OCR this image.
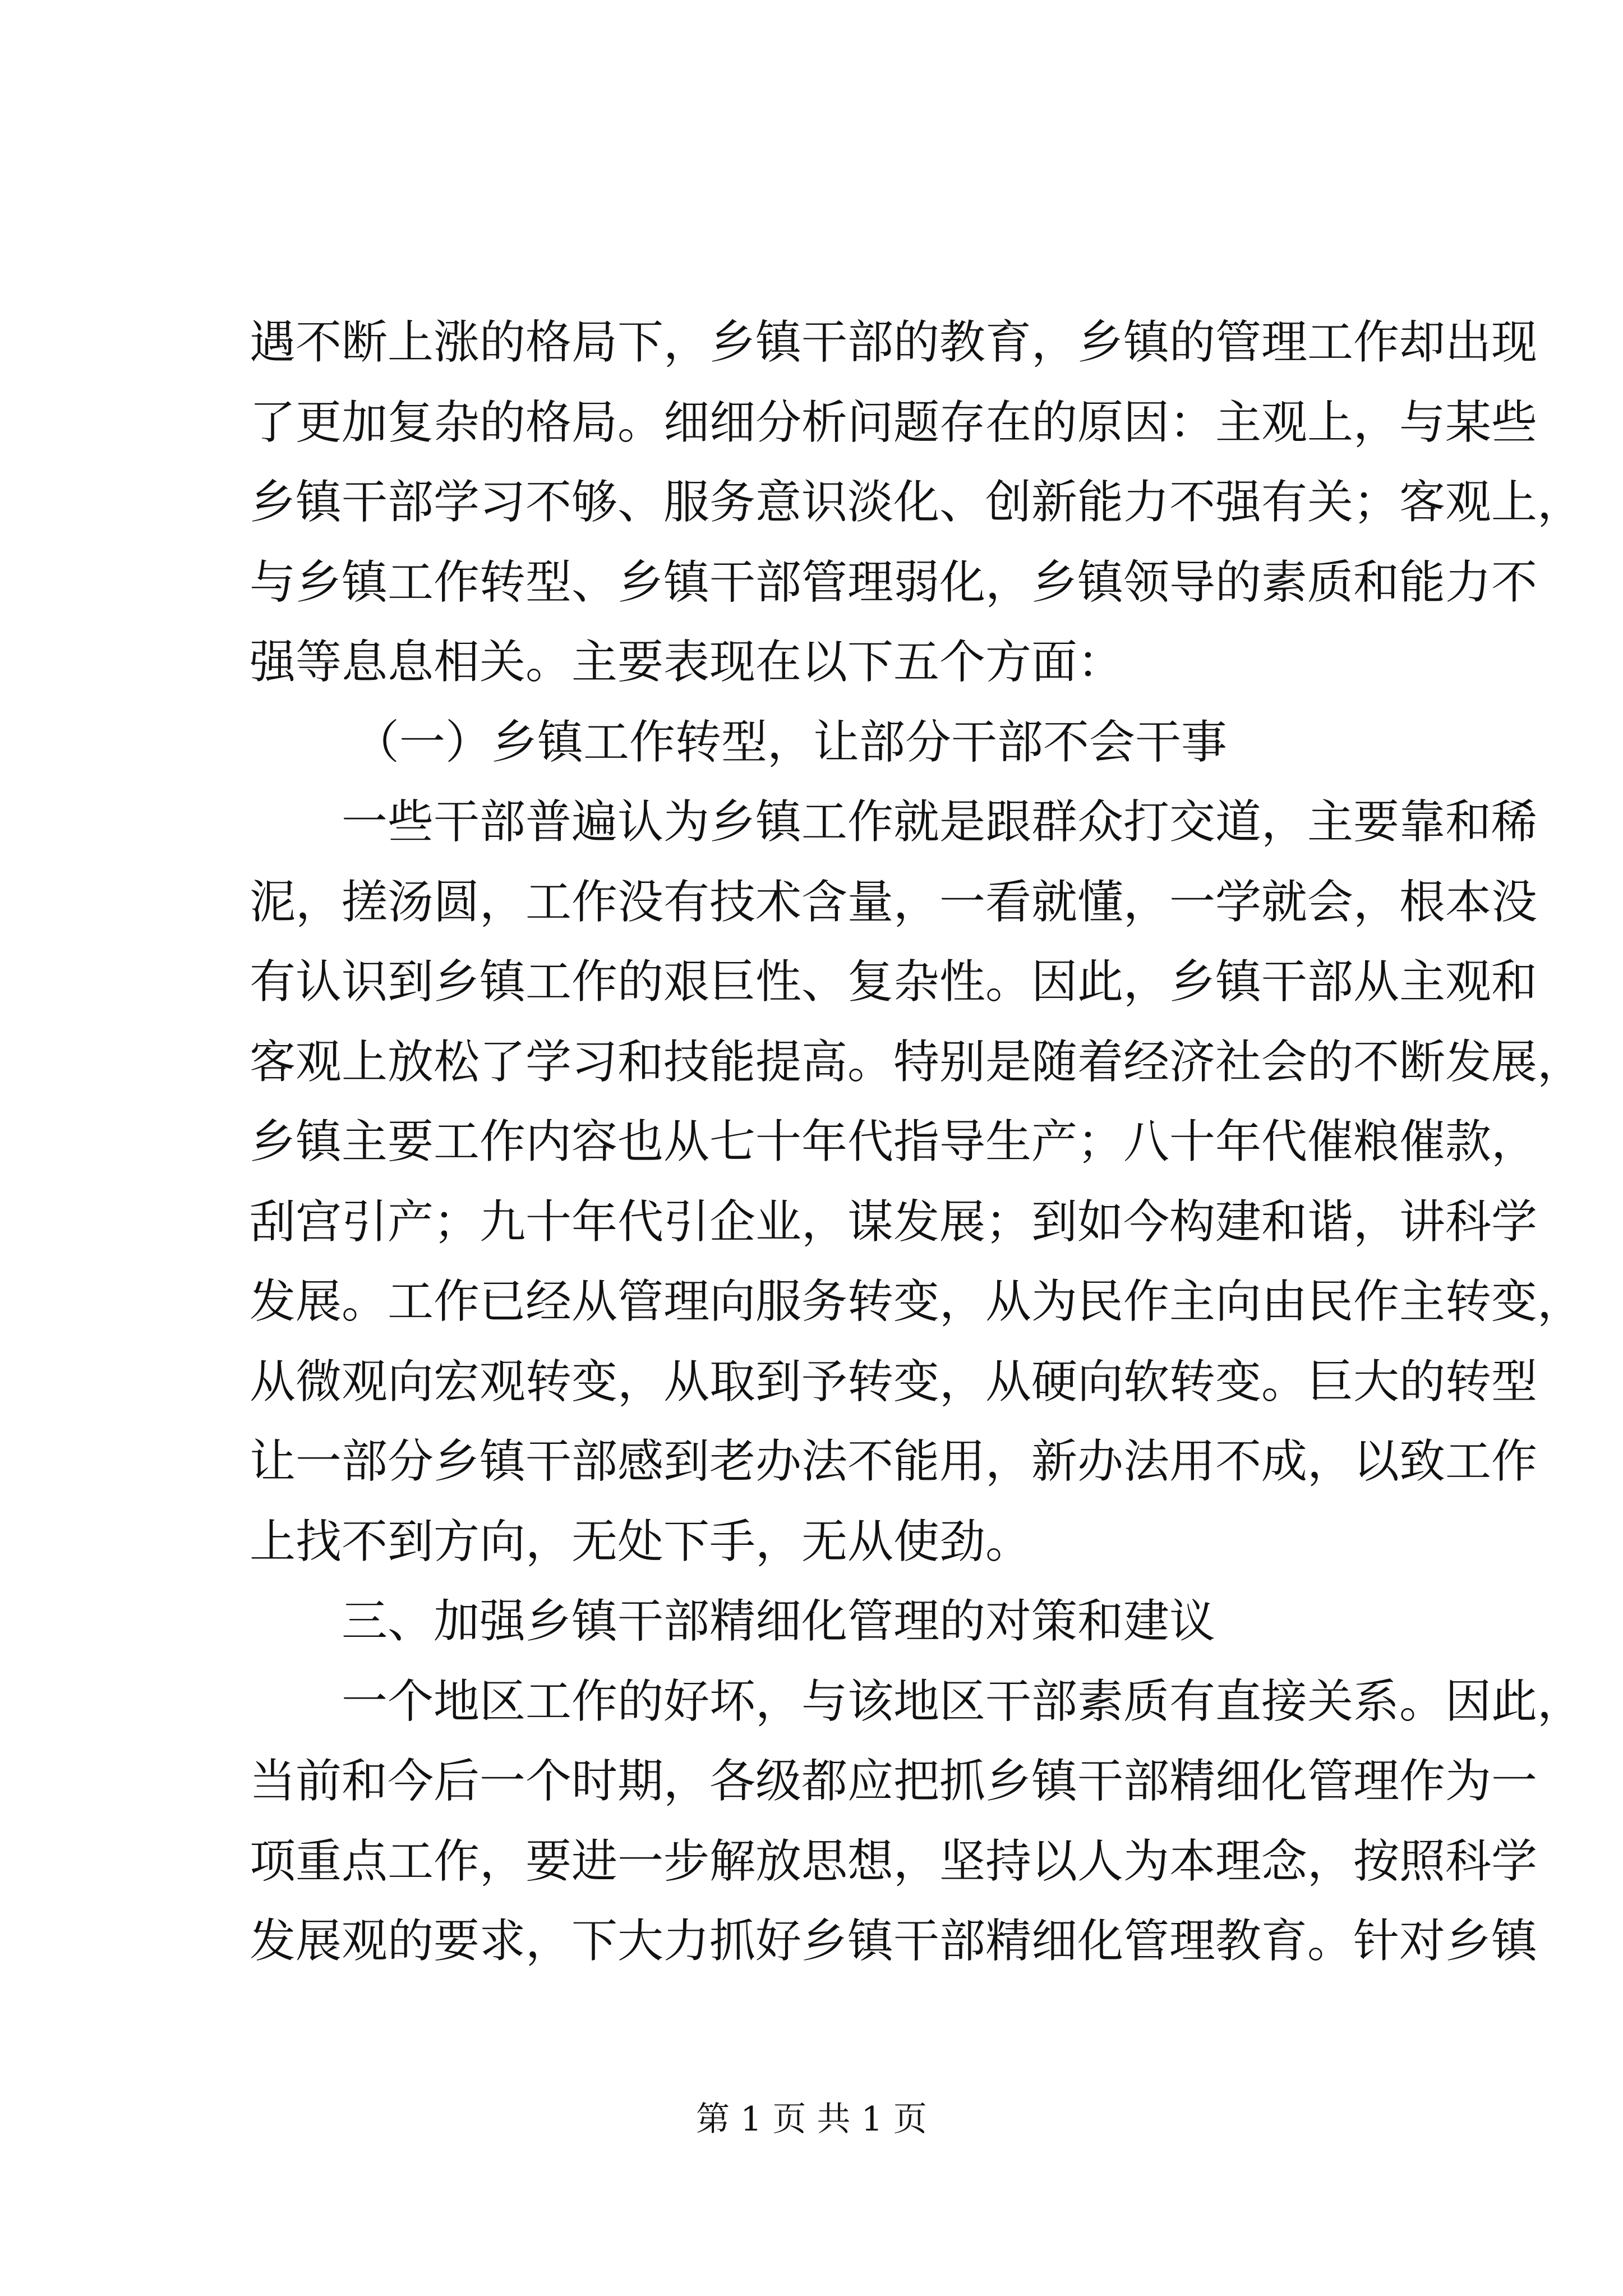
遇不断上涨的格局下，乡镇干部的教育，乡镇的管理工作却出现
了更加复杂的格局。细细分析问题存在的原因：主观上，与某些
乡镇干部学习不够、服务意识淡化、创新能力不强有关；客观上，
与乡镇工作转型、乡镇干部管理弱化，乡镇领导的素质和能力不
强等息息相关。主要表现在以下五个方面：
（一）乡镇工作转型，让部分干部不会干事
一些干部普遍认为乡镇工作就是跟群众打交道，主要靠和稀
泥，搓汤圆，工作没有技术含量，一看就懂，一学就会，根本没
有认识到乡镇工作的艰巨性、复杂性。因此，乡镇干部从主观和
客观上放松了学习和技能提高。特别是随着经济社会的不断发展，
乡镇主要工作内容也从七十年代指导生产；八十年代催粮催款，
刮宫引产；九十年代引企业，谋发展；到如今构建和谐，讲科学
发展。工作已经从管理向服务转变，从为民作主向由民作主转变，
从微观向宏观转变，从取到予转变，从硬向软转变。巨大的转型
让一部分乡镇干部感到老办法不能用，新办法用不成，以致工作
上找不到方向，无处下手，无从使劲。
三、加强乡镇干部精细化管理的对策和建议
一个地区工作的好坏，与该地区干部素质有直接关系。因此，
当前和今后一个时期，各级都应把抓乡镇干部精细化管理作为一
项重点工作，要进一步解放思想，坚持以人为本理念，按照科学
发展观的要求，下大力抓好乡镇干部精细化管理教育。针对乡镇
第 1 页 共 1 页
